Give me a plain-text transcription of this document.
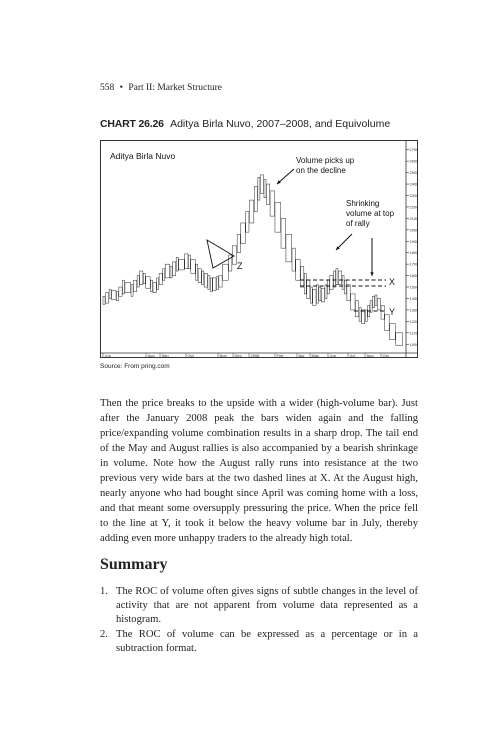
558 • Part II: Market Structure
CHART 26.26 Aditya Birla Nuvo, 2007–2008, and Equivolume
1000
1100
1200
1300
1400
1500
1600
1700
1800
1900
2000
2100
2200
2300
2400
2500
2600
2700
Jun	Aug Sep	Oct	Nov Dec 2008	Feb	Apr May	Jun	Jul	Aug Oct
Volume picks up on the decline
Shrinking volume at top of rally
Z
X
Y
Aditya Birla Nuvo
Source: From pring.com
Then the price breaks to the upside with a wider (high-volume bar). Just after the January 2008 peak the bars widen again and the falling price/expanding volume combination results in a sharp drop. The tail end of the May and August rallies is also accompanied by a bearish shrinkage in volume. Note how the August rally runs into resistance at the two previous very wide bars at the two dashed lines at X. At the August high, nearly anyone who had bought since April was coming home with a loss, and that meant some oversupply pressuring the price. When the price fell to the line at Y, it took it below the heavy volume bar in July, thereby adding even more unhappy traders to the already high total.
Summary
1. The ROC of volume often gives signs of subtle changes in the level of activity that are not apparent from volume data represented as a histogram.
2. The ROC of volume can be expressed as a percentage or in a subtraction format.
